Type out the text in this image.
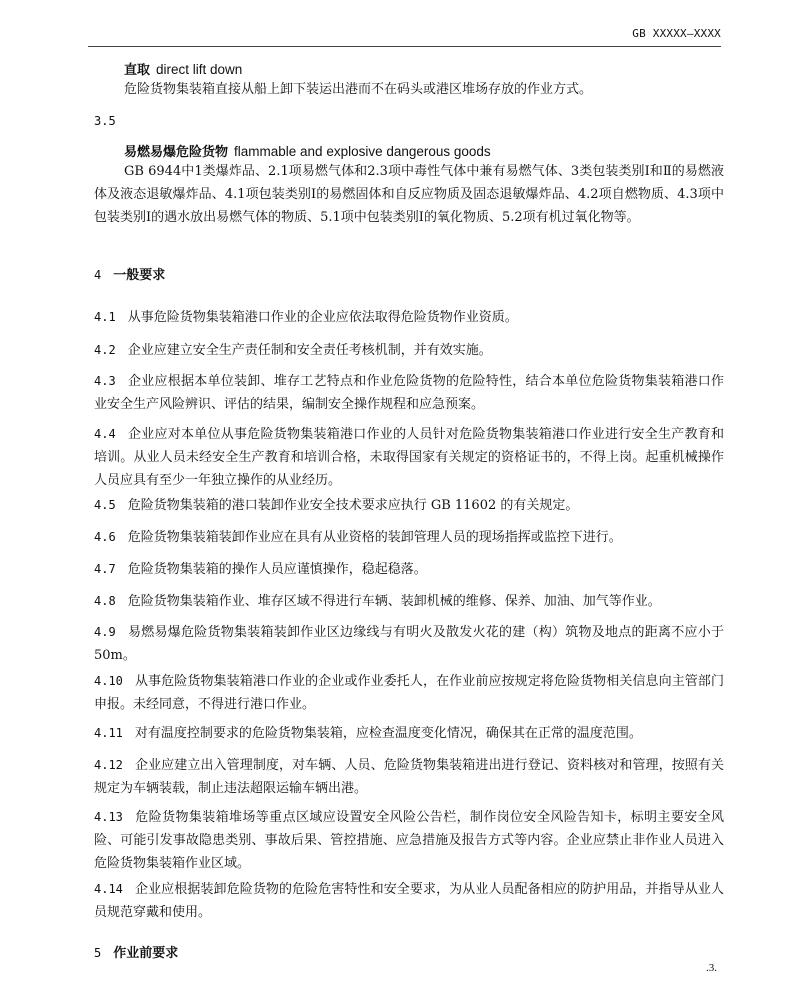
GB XXXXX—XXXX
直取 direct lift down
危险货物集装箱直接从船上卸下装运出港而不在码头或港区堆场存放的作业方式。
3.5
易燃易爆危险货物 flammable and explosive dangerous goods
GB 6944中1类爆炸品、2.1项易燃气体和2.3项中毒性气体中兼有易燃气体、3类包装类别Ⅰ和Ⅱ的易燃液体及液态退敏爆炸品、4.1项包装类别Ⅰ的易燃固体和自反应物质及固态退敏爆炸品、4.2项自燃物质、4.3项中包装类别Ⅰ的遇水放出易燃气体的物质、5.1项中包装类别Ⅰ的氧化物质、5.2项有机过氧化物等。
4 一般要求
4.1 从事危险货物集装箱港口作业的企业应依法取得危险货物作业资质。
4.2 企业应建立安全生产责任制和安全责任考核机制，并有效实施。
4.3 企业应根据本单位装卸、堆存工艺特点和作业危险货物的危险特性，结合本单位危险货物集装箱港口作业安全生产风险辨识、评估的结果，编制安全操作规程和应急预案。
4.4 企业应对本单位从事危险货物集装箱港口作业的人员针对危险货物集装箱港口作业进行安全生产教育和培训。从业人员未经安全生产教育和培训合格，未取得国家有关规定的资格证书的，不得上岗。起重机械操作人员应具有至少一年独立操作的从业经历。
4.5 危险货物集装箱的港口装卸作业安全技术要求应执行 GB 11602 的有关规定。
4.6 危险货物集装箱装卸作业应在具有从业资格的装卸管理人员的现场指挥或监控下进行。
4.7 危险货物集装箱的操作人员应谨慎操作，稳起稳落。
4.8 危险货物集装箱作业、堆存区域不得进行车辆、装卸机械的维修、保养、加油、加气等作业。
4.9 易燃易爆危险货物集装箱装卸作业区边缘线与有明火及散发火花的建（构）筑物及地点的距离不应小于 50m。
4.10 从事危险货物集装箱港口作业的企业或作业委托人，在作业前应按规定将危险货物相关信息向主管部门申报。未经同意，不得进行港口作业。
4.11 对有温度控制要求的危险货物集装箱，应检查温度变化情况，确保其在正常的温度范围。
4.12 企业应建立出入管理制度，对车辆、人员、危险货物集装箱进出进行登记、资料核对和管理，按照有关规定为车辆装载，制止违法超限运输车辆出港。
4.13 危险货物集装箱堆场等重点区域应设置安全风险公告栏，制作岗位安全风险告知卡，标明主要安全风险、可能引发事故隐患类别、事故后果、管控措施、应急措施及报告方式等内容。企业应禁止非作业人员进入危险货物集装箱作业区域。
4.14 企业应根据装卸危险货物的危险危害特性和安全要求，为从业人员配备相应的防护用品，并指导从业人员规范穿戴和使用。
5 作业前要求
.3.
